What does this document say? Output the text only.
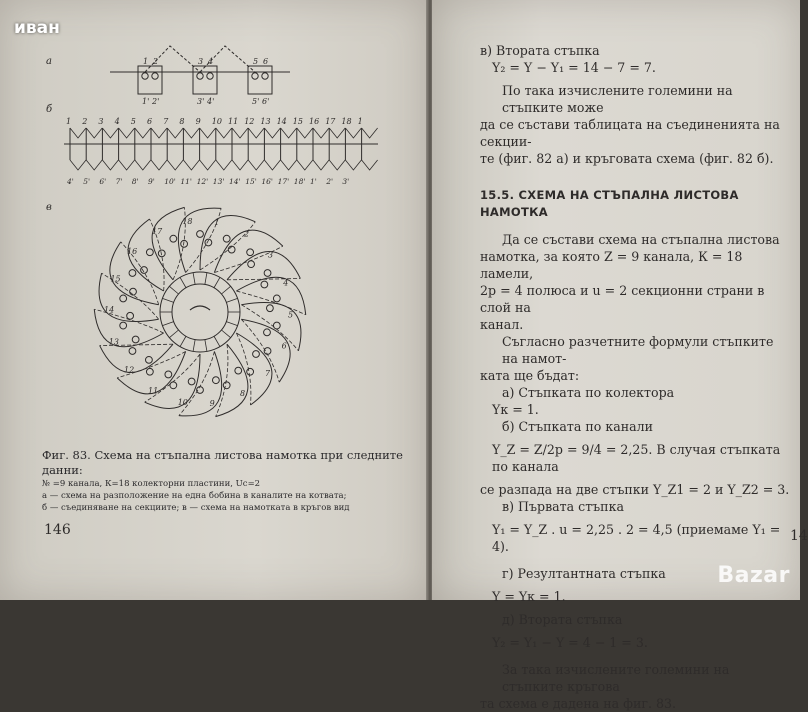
а	1 2
1' 2'
3 4
3' 4'
5 6
5' 6'
б
1 2 3 4 5 6 7 8 9 10 11 12 13 14 15 16 17 18 1
4' 5' 6' 7' 8' 9' 10' 11' 12' 13' 14' 15' 16' 17' 18' 1' 2' 3'
в
1
2
3
4
5
6
7
8
9
10
11
12
13
14
15
16
17
18
Фиг. 83. Схема на стъпална листова намотка при следните
данни:

№ =9 канала, К=18 колекторни пластини, Uс=2
а — схема на разположение на една бобина в каналите на котвата;
б — съединяване на секциите; в — схема на намотката в кръгов вид
146
в) Втората стъпка
Y₂ = Y − Y₁ = 14 − 7 = 7.
По така изчислените големини на стъпките може
да се състави таблицата на съединенията на секции-
те (фиг. 82 а) и кръговата схема (фиг. 82 б).
15.5. СХЕМА НА СТЪПАЛНА ЛИСТОВА НАМОТКА
Да се състави схема на стъпална листова
намотка, за която Z = 9 канала, К = 18 ламели,
2p = 4 полюса и u = 2 секционни страни в слой на
канал.
Съгласно разчетните формули стъпките на намот-
ката ще бъдат:
а) Стъпката по колектора
Yк = 1.
б) Стъпката по канали
Y_Z = Z/2p = 9/4 = 2,25. В случая стъпката по канала
се разпада на две стъпки Y_Z1 = 2 и Y_Z2 = 3.
в) Първата стъпка
Y₁ = Y_Z . u = 2,25 . 2 = 4,5 (приемаме Y₁ = 4).
г) Резултантната стъпка
Y = Yк = 1.
д) Втората стъпка
Y₂ = Y₁ − Y = 4 − 1 = 3.
За така изчислените големини на стъпките кръгова
та схема е дадена на фиг. 83.
14
иван
Bazar
